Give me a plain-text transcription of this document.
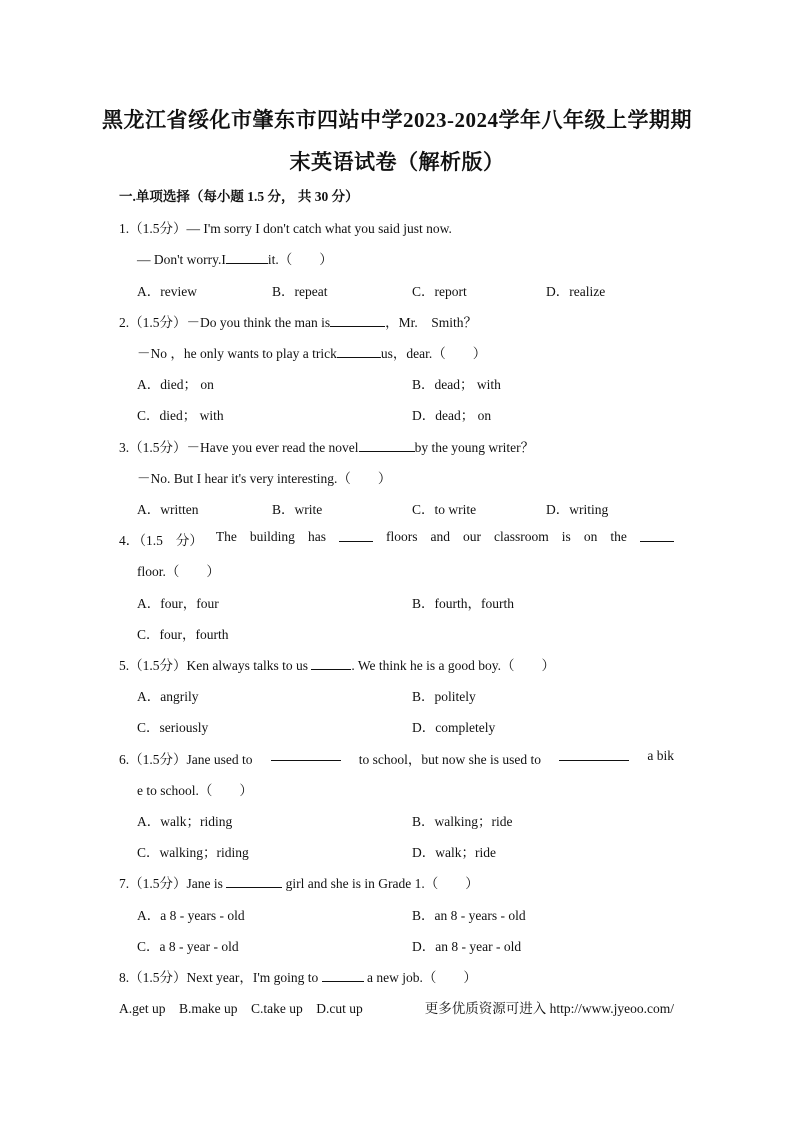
黑龙江省绥化市肇东市四站中学2023-2024学年八年级上学期期
末英语试卷（解析版）
一.单项选择（每小题 1.5 分， 共 30 分）
1.（1.5分）— I'm sorry I don't catch what you said just now.
— Don't worry.I	it.（　　）
A．review	B．repeat	C．report	D．realize
2.（1.5分）－Do you think the man is	，Mr.　Smith？
－No ，he only wants to play a trick	us，dear.（　　）
A．died； on	B．dead； with
C．died； with	D．dead； on
3.（1.5分）－Have you ever read the novel	by the young writer？
－No. But I hear it's very interesting.（　　）
A．written	B．write	C．to write	D．writing
4．（1.5 分） The building has	floors and our classroom is on the
floor.（　　）
A．four，four	B．fourth，fourth
C．four，fourth
5.（1.5分）Ken always talks to us	. We think he is a good boy.（　　）
A．angrily	B．politely
C．seriously	D．completely
6.（1.5分）Jane used to	to school，but now she is used to	a bik
e to school.（　　）
A．walk；riding	B．walking；ride
C．walking；riding	D．walk；ride
7.（1.5分）Jane is	girl and she is in Grade 1.（　　）
A．a 8 - years - old	B．an 8 - years - old
C．a 8 - year - old	D．an 8 - year - old
8.（1.5分）Next year，I'm going to	a new job.（　　）
A.get up　B.make up　C.take up　D.cut up	更多优质资源可进入 http://www.jyeoo.com/
